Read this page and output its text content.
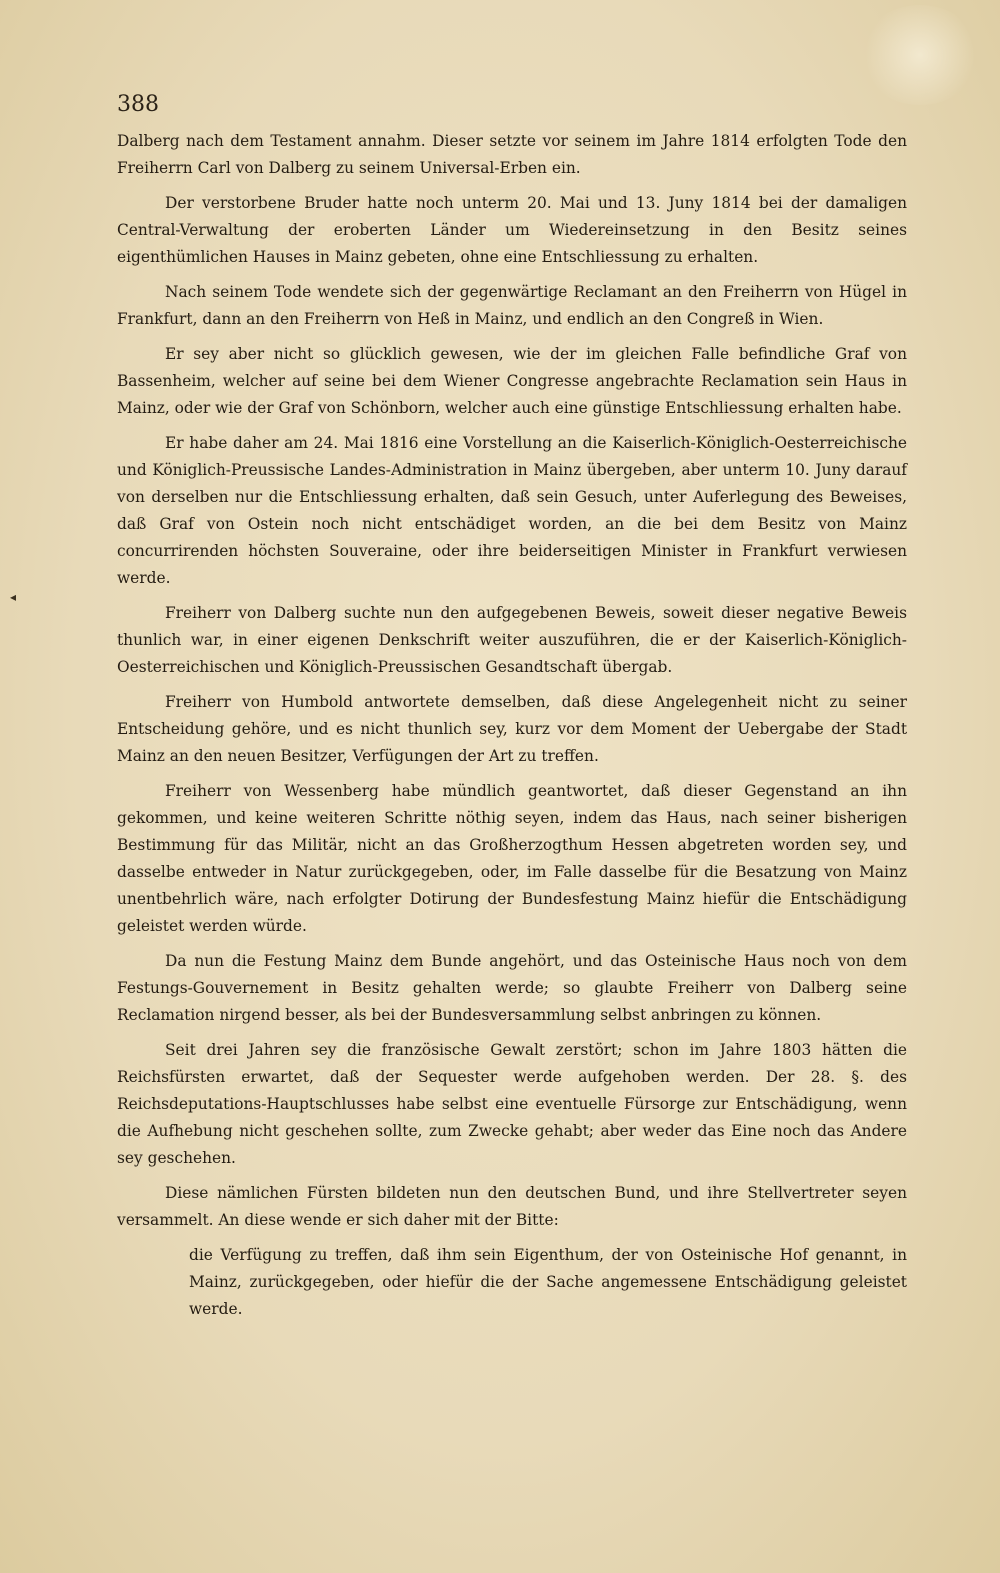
388
◂

Dalberg nach dem Testament annahm. Dieser setzte vor seinem im Jahre 1814 erfolgten Tode den Freiherrn Carl von Dalberg zu seinem Universal-Erben ein.

Der verstorbene Bruder hatte noch unterm 20. Mai und 13. Juny 1814 bei der damaligen Central-Verwaltung der eroberten Länder um Wiedereinsetzung in den Besitz seines eigenthümlichen Hauses in Mainz gebeten, ohne eine Entschliessung zu erhalten.

Nach seinem Tode wendete sich der gegenwärtige Reclamant an den Freiherrn von Hügel in Frankfurt, dann an den Freiherrn von Heß in Mainz, und endlich an den Congreß in Wien.

Er sey aber nicht so glücklich gewesen, wie der im gleichen Falle befindliche Graf von Bassenheim, welcher auf seine bei dem Wiener Congresse angebrachte Reclamation sein Haus in Mainz, oder wie der Graf von Schönborn, welcher auch eine günstige Entschliessung erhalten habe.

Er habe daher am 24. Mai 1816 eine Vorstellung an die Kaiserlich-Königlich-Oesterreichische und Königlich-Preussische Landes-Administration in Mainz übergeben, aber unterm 10. Juny darauf von derselben nur die Entschliessung erhalten, daß sein Gesuch, unter Auferlegung des Beweises, daß Graf von Ostein noch nicht entschädiget worden, an die bei dem Besitz von Mainz concurrirenden höchsten Souveraine, oder ihre beiderseitigen Minister in Frankfurt verwiesen werde.

Freiherr von Dalberg suchte nun den aufgegebenen Beweis, soweit dieser negative Beweis thunlich war, in einer eigenen Denkschrift weiter auszuführen, die er der Kaiserlich-Königlich-Oesterreichischen und Königlich-Preussischen Gesandtschaft übergab.

Freiherr von Humbold antwortete demselben, daß diese Angelegenheit nicht zu seiner Entscheidung gehöre, und es nicht thunlich sey, kurz vor dem Moment der Uebergabe der Stadt Mainz an den neuen Besitzer, Verfügungen der Art zu treffen.

Freiherr von Wessenberg habe mündlich geantwortet, daß dieser Gegenstand an ihn gekommen, und keine weiteren Schritte nöthig seyen, indem das Haus, nach seiner bisherigen Bestimmung für das Militär, nicht an das Großherzogthum Hessen abgetreten worden sey, und dasselbe entweder in Natur zurückgegeben, oder, im Falle dasselbe für die Besatzung von Mainz unentbehrlich wäre, nach erfolgter Dotirung der Bundesfestung Mainz hiefür die Entschädigung geleistet werden würde.

Da nun die Festung Mainz dem Bunde angehört, und das Osteinische Haus noch von dem Festungs-Gouvernement in Besitz gehalten werde; so glaubte Freiherr von Dalberg seine Reclamation nirgend besser, als bei der Bundesversammlung selbst anbringen zu können.

Seit drei Jahren sey die französische Gewalt zerstört; schon im Jahre 1803 hätten die Reichsfürsten erwartet, daß der Sequester werde aufgehoben werden. Der 28. §. des Reichsdeputations-Hauptschlusses habe selbst eine eventuelle Fürsorge zur Entschädigung, wenn die Aufhebung nicht geschehen sollte, zum Zwecke gehabt; aber weder das Eine noch das Andere sey geschehen.

Diese nämlichen Fürsten bildeten nun den deutschen Bund, und ihre Stellvertreter seyen versammelt. An diese wende er sich daher mit der Bitte:

die Verfügung zu treffen, daß ihm sein Eigenthum, der von Osteinische Hof genannt, in Mainz, zurückgegeben, oder hiefür die der Sache angemessene Entschädigung geleistet werde.
